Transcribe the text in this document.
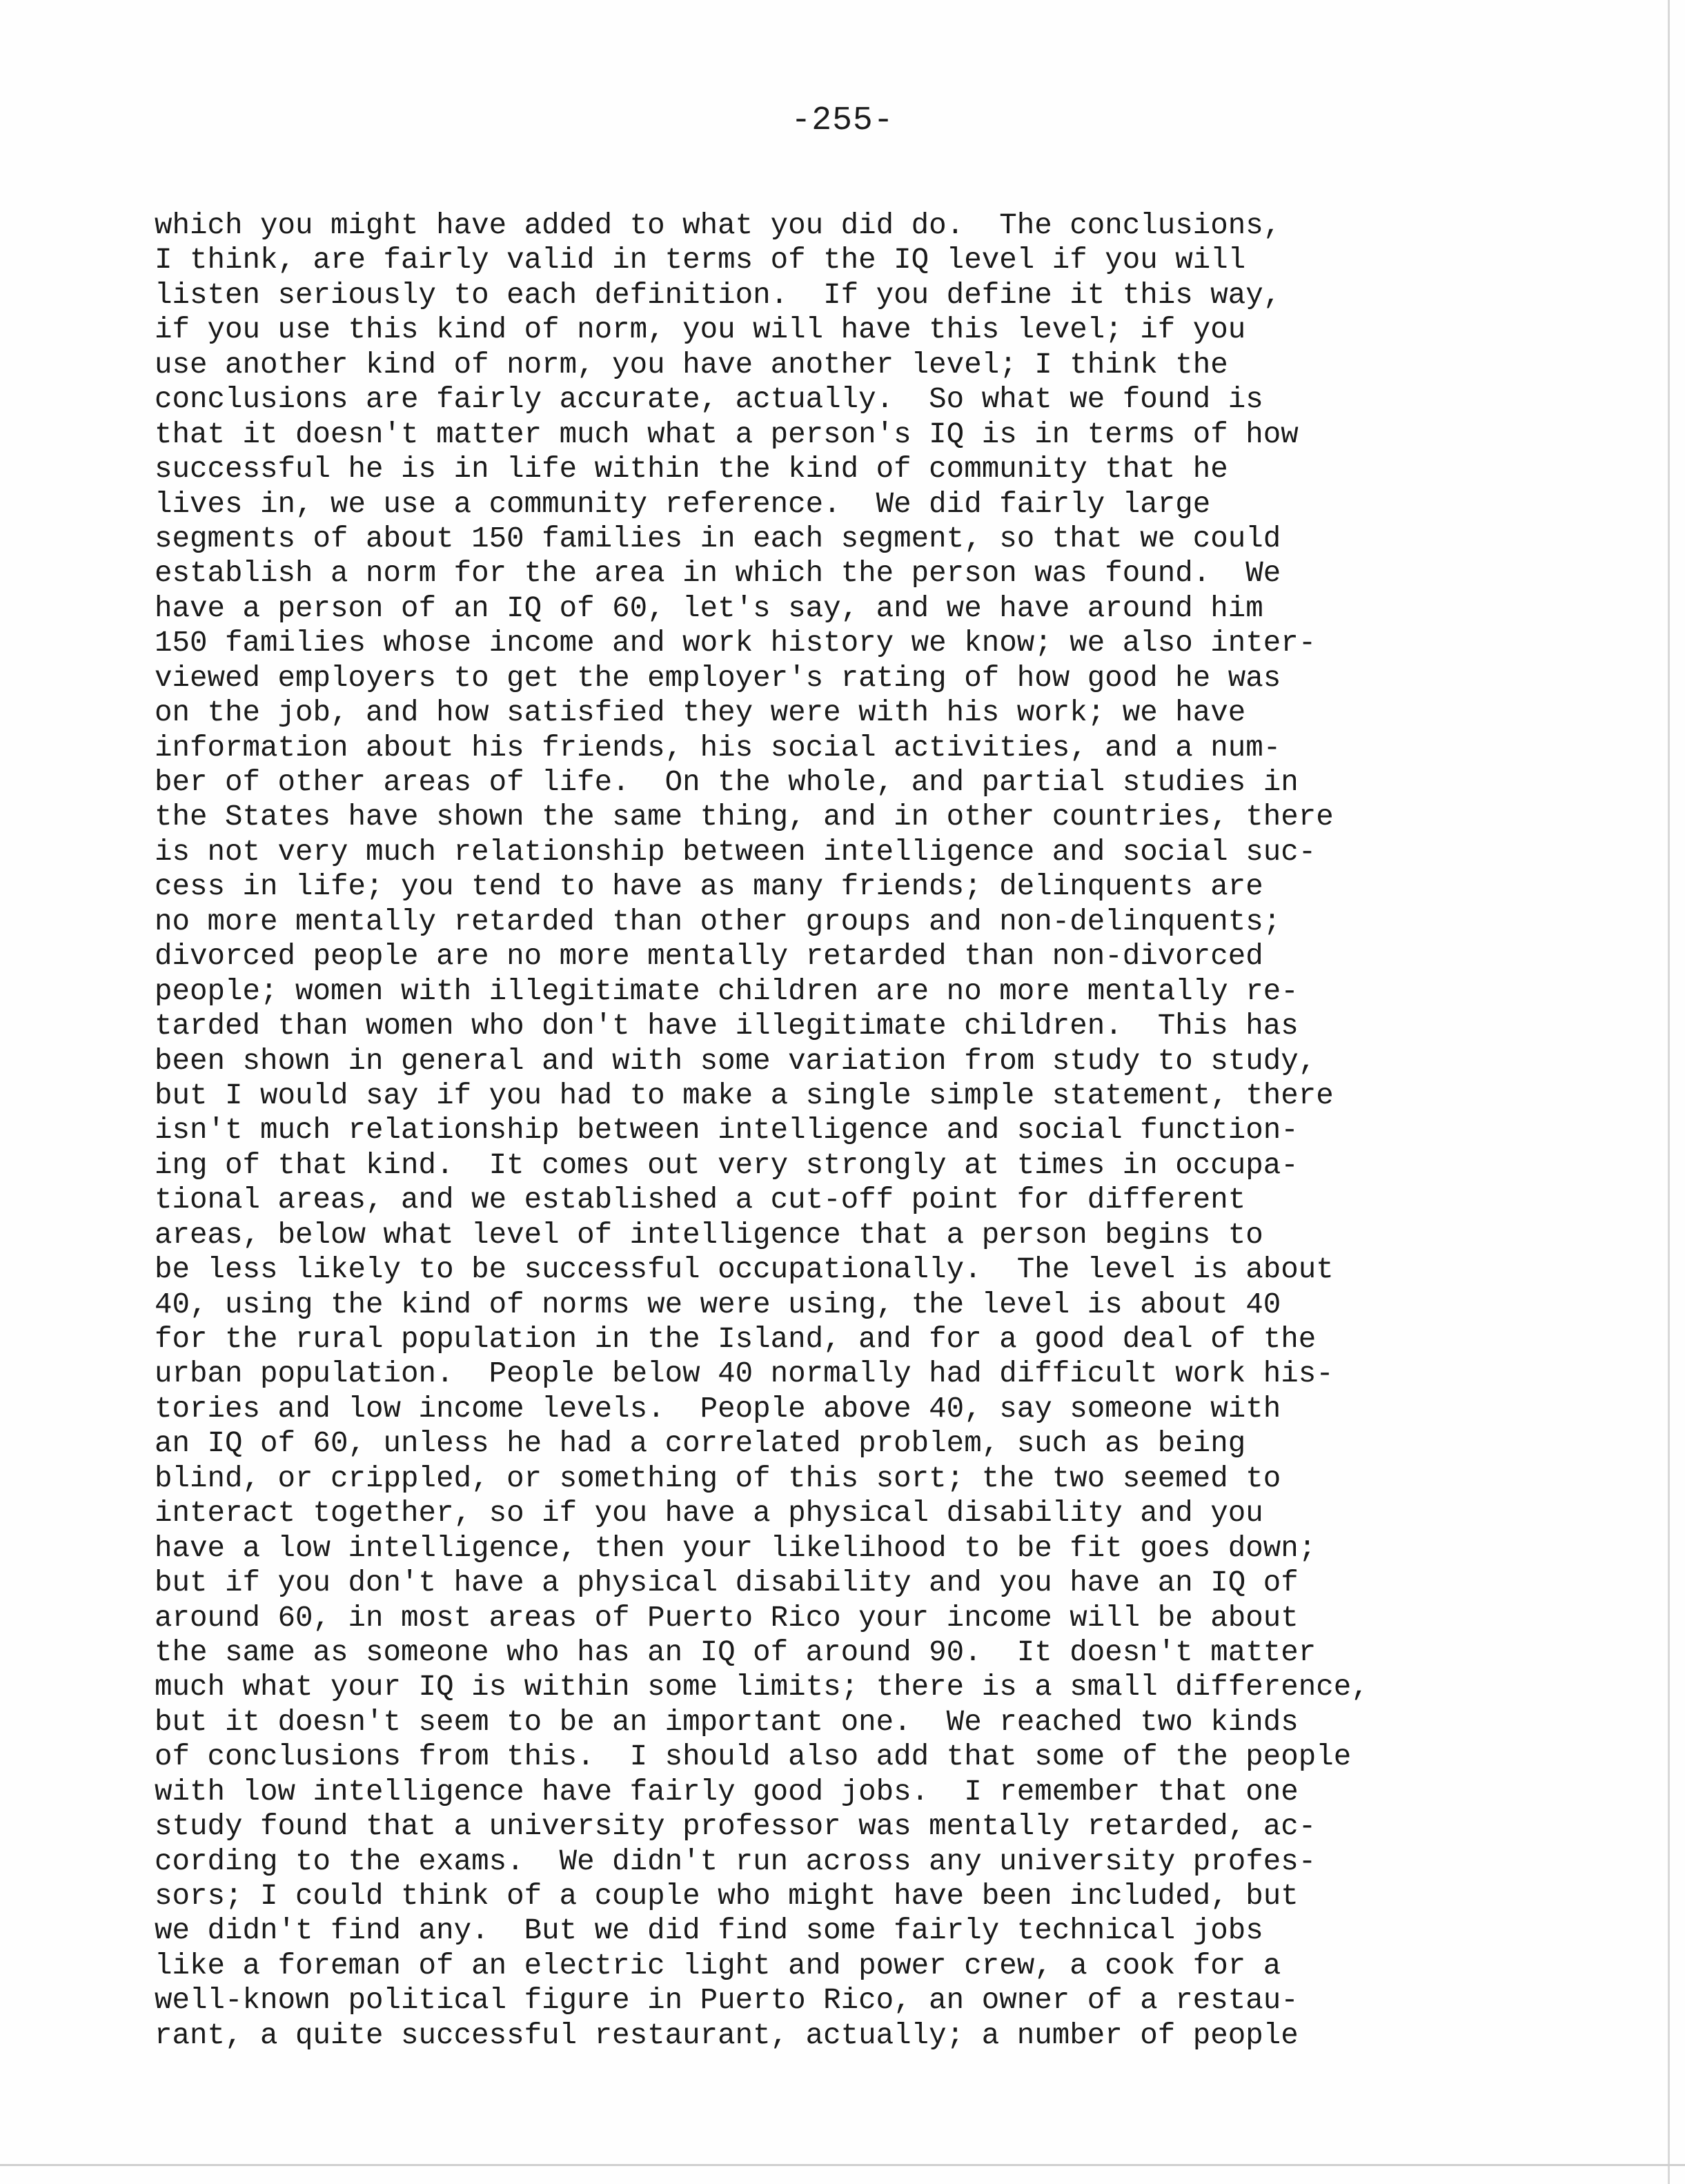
-255-
which you might have added to what you did do.  The conclusions,
I think, are fairly valid in terms of the IQ level if you will
listen seriously to each definition.  If you define it this way,
if you use this kind of norm, you will have this level; if you
use another kind of norm, you have another level; I think the
conclusions are fairly accurate, actually.  So what we found is
that it doesn't matter much what a person's IQ is in terms of how
successful he is in life within the kind of community that he
lives in, we use a community reference.  We did fairly large
segments of about 150 families in each segment, so that we could
establish a norm for the area in which the person was found.  We
have a person of an IQ of 60, let's say, and we have around him
150 families whose income and work history we know; we also inter-
viewed employers to get the employer's rating of how good he was
on the job, and how satisfied they were with his work; we have
information about his friends, his social activities, and a num-
ber of other areas of life.  On the whole, and partial studies in
the States have shown the same thing, and in other countries, there
is not very much relationship between intelligence and social suc-
cess in life; you tend to have as many friends; delinquents are
no more mentally retarded than other groups and non-delinquents;
divorced people are no more mentally retarded than non-divorced
people; women with illegitimate children are no more mentally re-
tarded than women who don't have illegitimate children.  This has
been shown in general and with some variation from study to study,
but I would say if you had to make a single simple statement, there
isn't much relationship between intelligence and social function-
ing of that kind.  It comes out very strongly at times in occupa-
tional areas, and we established a cut-off point for different
areas, below what level of intelligence that a person begins to
be less likely to be successful occupationally.  The level is about
40, using the kind of norms we were using, the level is about 40
for the rural population in the Island, and for a good deal of the
urban population.  People below 40 normally had difficult work his-
tories and low income levels.  People above 40, say someone with
an IQ of 60, unless he had a correlated problem, such as being
blind, or crippled, or something of this sort; the two seemed to
interact together, so if you have a physical disability and you
have a low intelligence, then your likelihood to be fit goes down;
but if you don't have a physical disability and you have an IQ of
around 60, in most areas of Puerto Rico your income will be about
the same as someone who has an IQ of around 90.  It doesn't matter
much what your IQ is within some limits; there is a small difference,
but it doesn't seem to be an important one.  We reached two kinds
of conclusions from this.  I should also add that some of the people
with low intelligence have fairly good jobs.  I remember that one
study found that a university professor was mentally retarded, ac-
cording to the exams.  We didn't run across any university profes-
sors; I could think of a couple who might have been included, but
we didn't find any.  But we did find some fairly technical jobs
like a foreman of an electric light and power crew, a cook for a
well-known political figure in Puerto Rico, an owner of a restau-
rant, a quite successful restaurant, actually; a number of people
